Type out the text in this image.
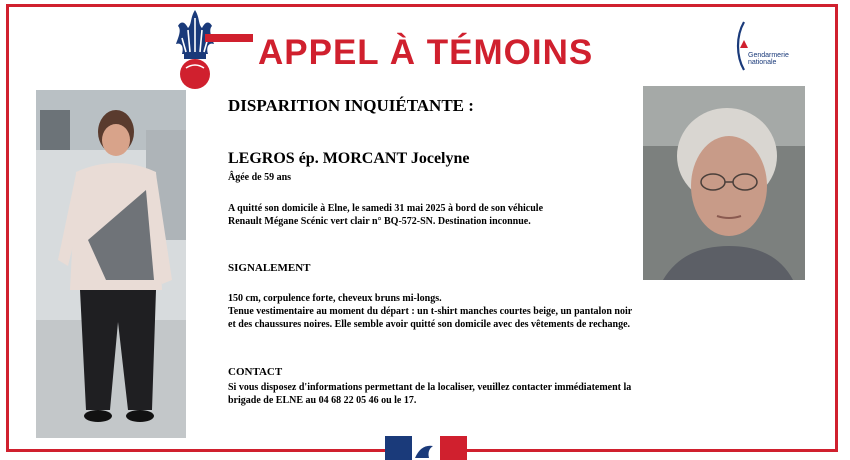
APPEL À TÉMOINS	Gendarmerie
nationale
DISPARITION INQUIÉTANTE :
LEGROS ép. MORCANT Jocelyne
Âgée de 59 ans
A quitté son domicile à Elne, le samedi 31 mai 2025 à bord de son véhicule
Renault Mégane Scénic vert clair n° BQ-572-SN. Destination inconnue.
SIGNALEMENT
150 cm, corpulence forte, cheveux bruns mi-longs.
Tenue vestimentaire au moment du départ : un t-shirt manches courtes beige, un pantalon noir
et des chaussures noires. Elle semble avoir quitté son domicile avec des vêtements de rechange.
CONTACT
Si vous disposez d'informations permettant de la localiser, veuillez contacter immédiatement la
brigade de ELNE au 04 68 22 05 46 ou le 17.
